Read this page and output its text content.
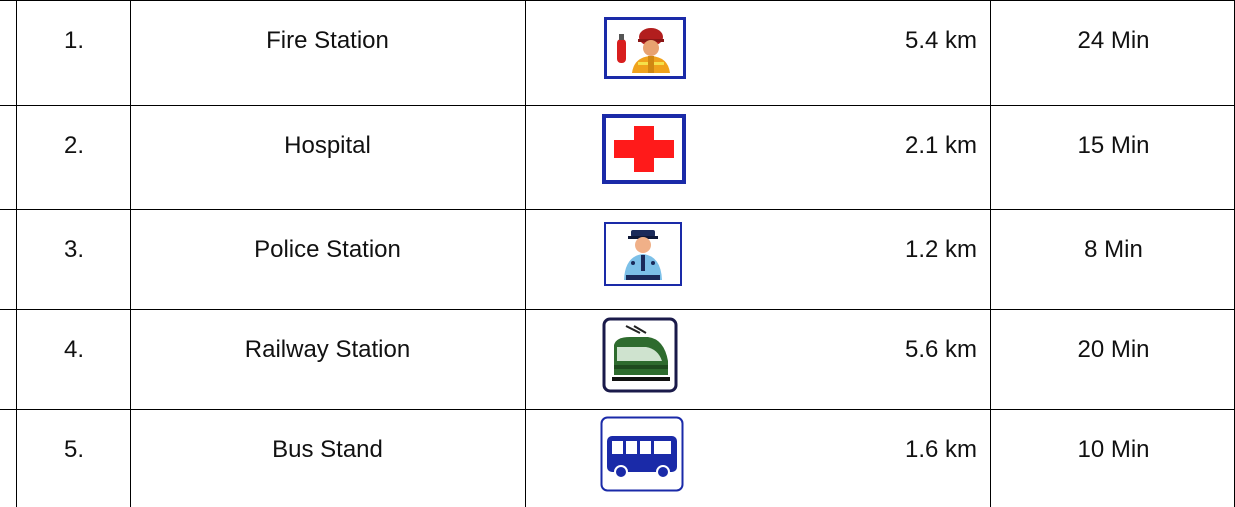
1.	Fire Station	5.4 km	24 Min
2.	Hospital	2.1 km	15 Min
3.	Police Station	1.2 km	8 Min
4.	Railway Station	5.6 km	20 Min
5.	Bus Stand	1.6 km	10 Min
